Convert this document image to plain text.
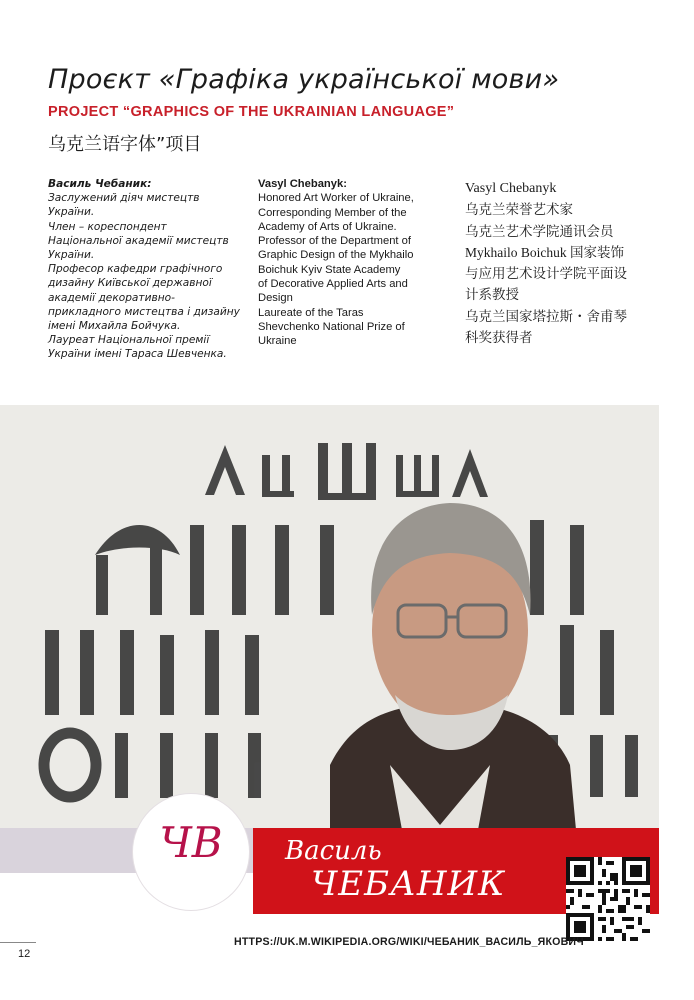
Проєкт «Графіка української мови»
PROJECT “GRAPHICS OF THE UKRAINIAN LANGUAGE”
乌克兰语字体”项目
Василь Чебаник:
Заслужений діяч мистецтв
України.
Член – кореспондент
Національної академії мистецтв
України.
Професор кафедри графічного
дизайну Київської державної
академії декоративно-
прикладного мистецтва і дизайну
імені Михайла Бойчука.
Лауреат Національної премії
України імені Тараса Шевченка.
Vasyl Chebanyk:
Honored Art Worker of Ukraine,
Corresponding Member of the
Academy of Arts of Ukraine.
Professor of the Department of
Graphic Design of the Mykhailo
Boichuk Kyiv State Academy
of Decorative Applied Arts and
Design
Laureate of the Taras
Shevchenko National Prize of
Ukraine
Vasyl Chebanyk
乌克兰荣誉艺术家
乌克兰艺术学院通讯会员
Mykhailo Boichuk 国家装饰
与应用艺术设计学院平面设
计系教授
乌克兰国家塔拉斯・舍甫琴
科奖获得者
ЧВ	Василь
ЧЕБАНИК
HTTPS://UK.M.WIKIPEDIA.ORG/WIKI/ЧЕБАНИК_ВАСИЛЬ_ЯКОВИЧ
12
